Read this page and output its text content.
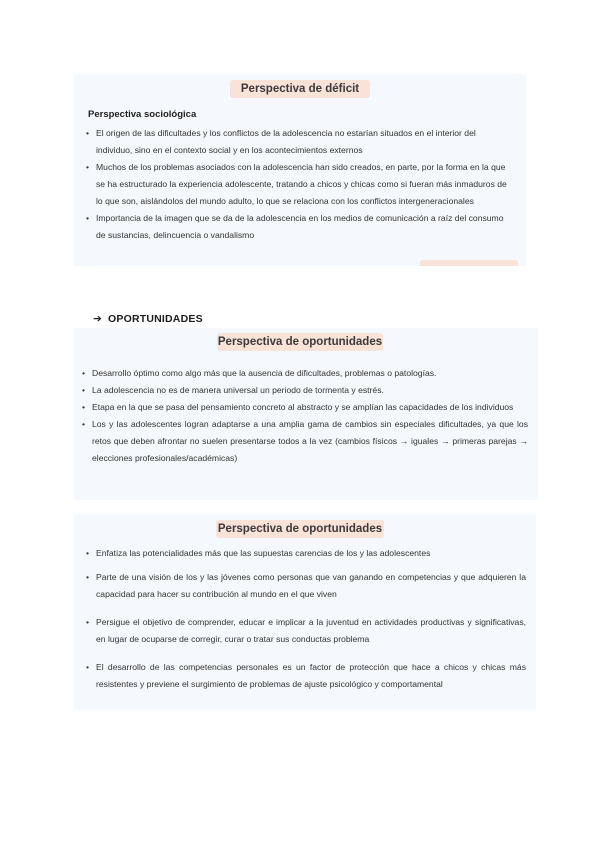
Perspectiva de déficit
Perspectiva sociológica
• El origen de las dificultades y los conflictos de la adolescencia no estarían situados en el interior del individuo, sino en el contexto social y en los acontecimientos externos
• Muchos de los problemas asociados con la adolescencia han sido creados, en parte, por la forma en la que se ha estructurado la experiencia adolescente, tratando a chicos y chicas como si fueran más inmaduros de lo que son, aislándolos del mundo adulto, lo que se relaciona con los conflictos intergeneracionales
• Importancia de la imagen que se da de la adolescencia en los medios de comunicación a raíz del consumo de sustancias, delincuencia o vandalismo
➔ OPORTUNIDADES
Perspectiva de oportunidades
• Desarrollo óptimo como algo más que la ausencia de dificultades, problemas o patologías.
• La adolescencia no es de manera universal un periodo de tormenta y estrés.
• Etapa en la que se pasa del pensamiento concreto al abstracto y se amplían las capacidades de los individuos
• Los y las adolescentes logran adaptarse a una amplia gama de cambios sin especiales dificultades, ya que los retos que deben afrontar no suelen presentarse todos a la vez (cambios físicos → iguales → primeras parejas → elecciones profesionales/académicas)
Perspectiva de oportunidades
• Enfatiza las potencialidades más que las supuestas carencias de los y las adolescentes
• Parte de una visión de los y las jóvenes como personas que van ganando en competencias y que adquieren la capacidad para hacer su contribución al mundo en el que viven
• Persigue el objetivo de comprender, educar e implicar a la juventud en actividades productivas y significativas, en lugar de ocuparse de corregir, curar o tratar sus conductas problema
• El desarrollo de las competencias personales es un factor de protección que hace a chicos y chicas más resistentes y previene el surgimiento de problemas de ajuste psicológico y comportamental
